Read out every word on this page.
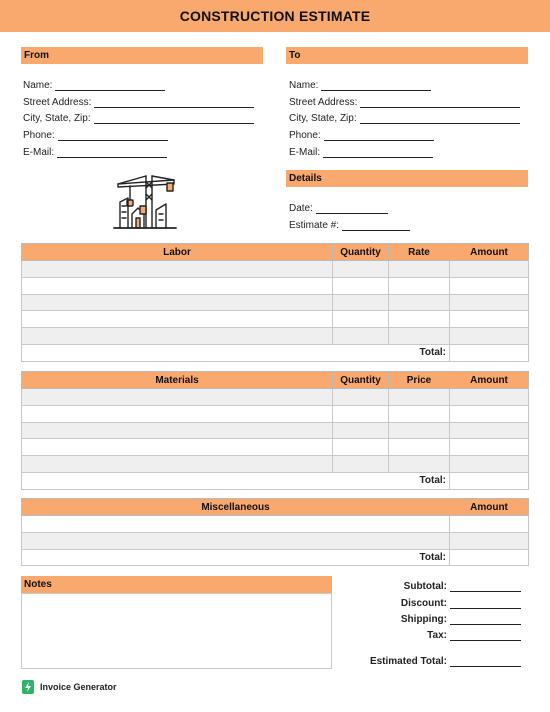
CONSTRUCTION ESTIMATE
From
Name:
Street Address:
City, State, Zip:
Phone:
E-Mail:
To
Name:
Street Address:
City, State, Zip:
Phone:
E-Mail:
Details
Date:
Estimate #:
Labor	Quantity	Rate	Amount

Total:			
Materials	Quantity	Price	Amount

Total:			
Miscellaneous	Amount

Total:	
Notes	Subtotal:
Discount:
Shipping:
Tax:
Estimated Total:
Invoice Generator
